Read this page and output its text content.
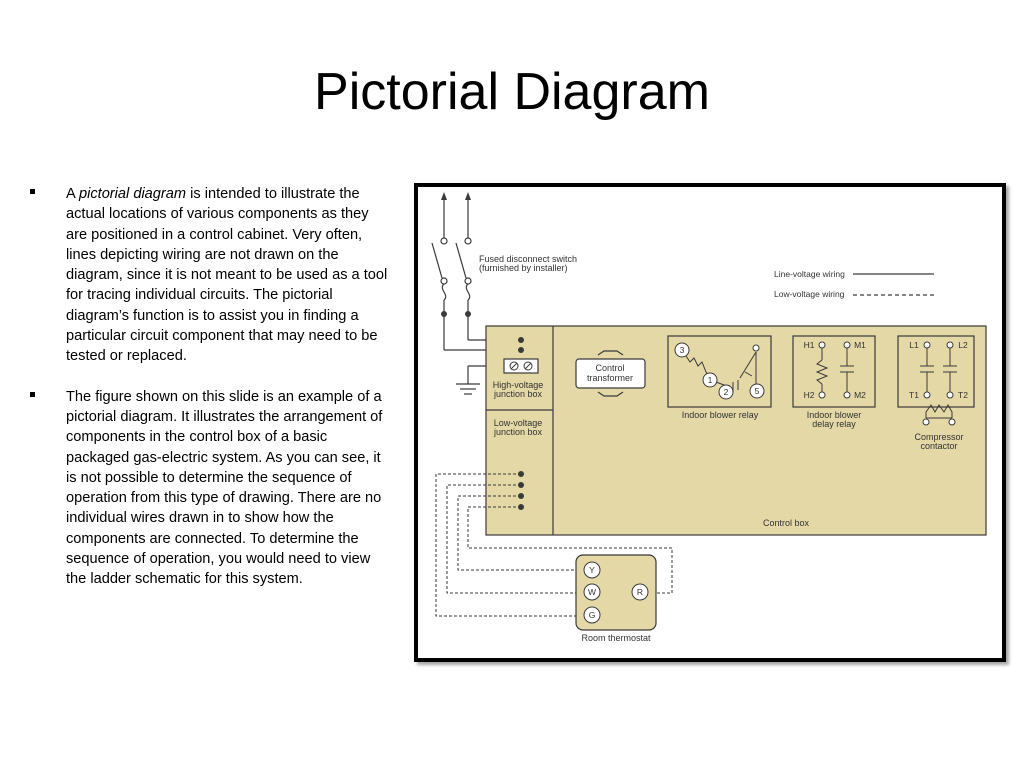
Pictorial Diagram
A pictorial diagram is intended to illustrate the actual locations of various components as they are positioned in a control cabinet. Very often, lines depicting wiring are not drawn on the diagram, since it is not meant to be used as a tool for tracing individual circuits. The pictorial diagram’s function is to assist you in finding a particular circuit component that may need to be tested or replaced.
The figure shown on this slide is an example of a pictorial diagram. It illustrates the arrangement of components in the control box of a basic packaged gas-electric system. As you can see, it is not possible to determine the sequence of operation from this type of drawing. There are no individual wires drawn in to show how the components are connected. To determine the sequence of operation, you would need to view the ladder schematic for this system.
Fused disconnect switch
(furnished by installer)
Line-voltage wiring
Low-voltage wiring
High-voltage
junction box
Low-voltage
junction box
Control
transformer
Indoor blower relay	Indoor blower
delay relay
Compressor
contactor
Control box
Room thermostat
3
1
2	5
H1	M1
H2	M2
L1	L2
T1	T2
Y
W
G
R
